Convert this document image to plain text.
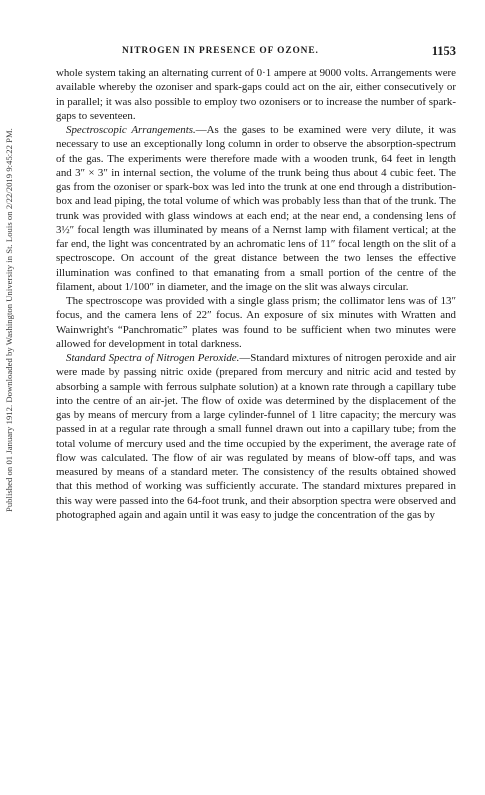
Published on 01 January 1912. Downloaded by Washington University in St. Louis on 2/22/2019 9:45:22 PM.
NITROGEN IN PRESENCE OF OZONE.	1153

whole system taking an alternating current of 0·1 ampere at 9000 volts. Arrangements were available whereby the ozoniser and spark-gaps could act on the air, either consecutively or in parallel; it was also possible to employ two ozonisers or to increase the number of spark-gaps to seventeen.

Spectroscopic Arrangements.—As the gases to be examined were very dilute, it was necessary to use an exceptionally long column in order to observe the absorption-spectrum of the gas. The experiments were therefore made with a wooden trunk, 64 feet in length and 3″ × 3″ in internal section, the volume of the trunk being thus about 4 cubic feet. The gas from the ozoniser or spark-box was led into the trunk at one end through a distribution-box and lead piping, the total volume of which was probably less than that of the trunk. The trunk was provided with glass windows at each end; at the near end, a condensing lens of 3½″ focal length was illuminated by means of a Nernst lamp with filament vertical; at the far end, the light was concentrated by an achromatic lens of 11″ focal length on the slit of a spectroscope. On account of the great distance between the two lenses the effective illumination was confined to that emanating from a small portion of the centre of the filament, about 1/100″ in diameter, and the image on the slit was always circular.

The spectroscope was provided with a single glass prism; the collimator lens was of 13″ focus, and the camera lens of 22″ focus. An exposure of six minutes with Wratten and Wainwright's “Panchromatic” plates was found to be sufficient when two minutes were allowed for development in total darkness.

Standard Spectra of Nitrogen Peroxide.—Standard mixtures of nitrogen peroxide and air were made by passing nitric oxide (prepared from mercury and nitric acid and tested by absorbing a sample with ferrous sulphate solution) at a known rate through a capillary tube into the centre of an air-jet. The flow of oxide was determined by the displacement of the gas by means of mercury from a large cylinder-funnel of 1 litre capacity; the mercury was passed in at a regular rate through a small funnel drawn out into a capillary tube; from the total volume of mercury used and the time occupied by the experiment, the average rate of flow was calculated. The flow of air was regulated by means of blow-off taps, and was measured by means of a standard meter. The consistency of the results obtained showed that this method of working was sufficiently accurate. The standard mixtures prepared in this way were passed into the 64-foot trunk, and their absorption spectra were observed and photographed again and again until it was easy to judge the concentration of the gas by
